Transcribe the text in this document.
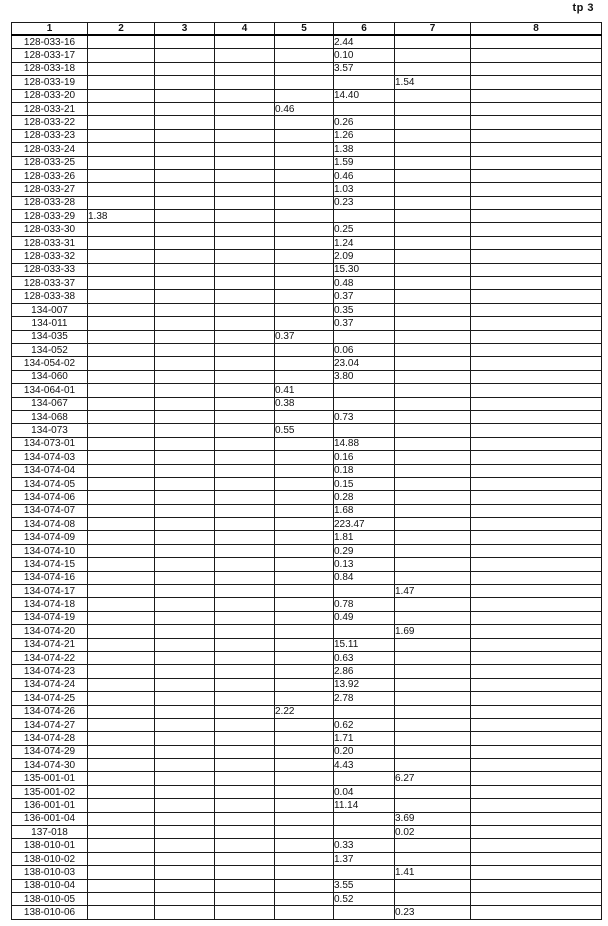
tp 3
1	2	3	4	5	6	7	8
128-033-16					2.44		
128-033-17					0.10		
128-033-18					3.57		
128-033-19						1.54	
128-033-20					14.40		
128-033-21				0.46			
128-033-22					0.26		
128-033-23					1.26		
128-033-24					1.38		
128-033-25					1.59		
128-033-26					0.46		
128-033-27					1.03		
128-033-28					0.23		
128-033-29	1.38						
128-033-30					0.25		
128-033-31					1.24		
128-033-32					2.09		
128-033-33					15.30		
128-033-37					0.48		
128-033-38					0.37		
134-007					0.35		
134-011					0.37		
134-035				0.37			
134-052					0.06		
134-054-02					23.04		
134-060					3.80		
134-064-01				0.41			
134-067				0.38			
134-068					0.73		
134-073				0.55			
134-073-01					14.88		
134-074-03					0.16		
134-074-04					0.18		
134-074-05					0.15		
134-074-06					0.28		
134-074-07					1.68		
134-074-08					223.47		
134-074-09					1.81		
134-074-10					0.29		
134-074-15					0.13		
134-074-16					0.84		
134-074-17						1.47	
134-074-18					0.78		
134-074-19					0.49		
134-074-20						1.69	
134-074-21					15.11		
134-074-22					0.63		
134-074-23					2.86		
134-074-24					13.92		
134-074-25					2.78		
134-074-26				2.22			
134-074-27					0.62		
134-074-28					1.71		
134-074-29					0.20		
134-074-30					4.43		
135-001-01						6.27	
135-001-02					0.04		
136-001-01					11.14		
136-001-04						3.69	
137-018						0.02	
138-010-01					0.33		
138-010-02					1.37		
138-010-03						1.41	
138-010-04					3.55		
138-010-05					0.52		
138-010-06						0.23	
